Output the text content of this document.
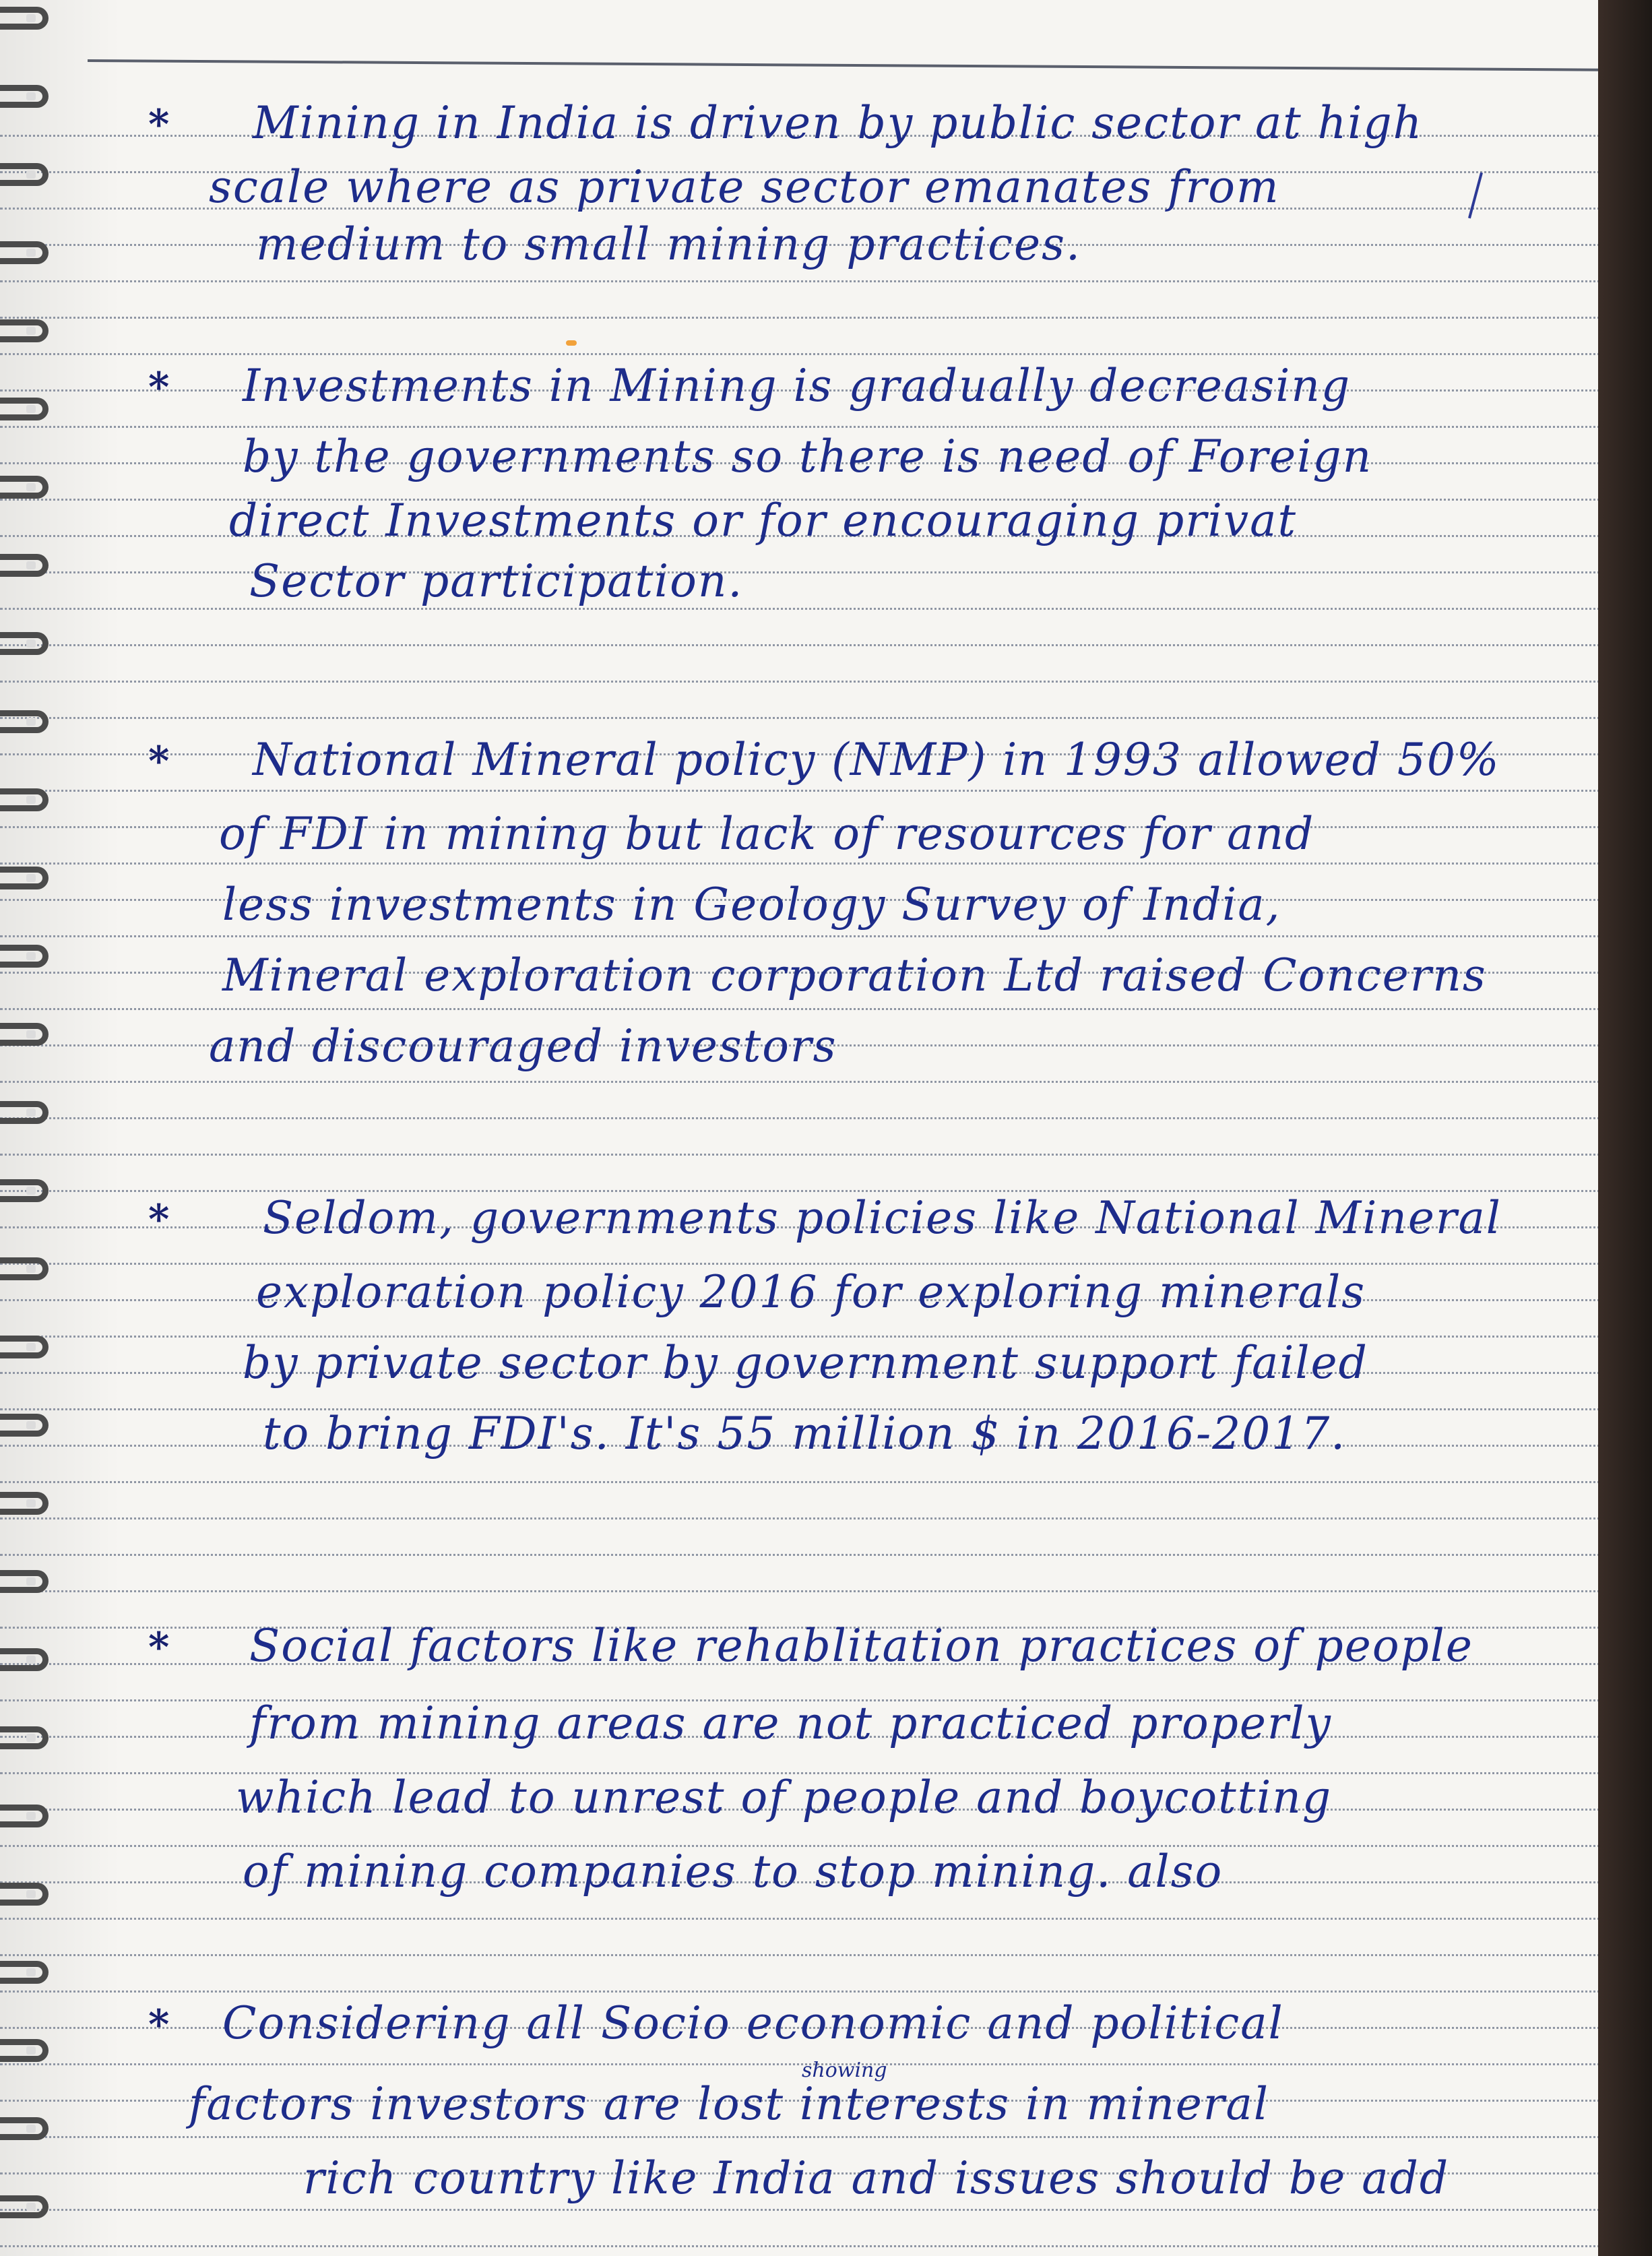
* Mining in India is driven by public sector at high
scale where as private sector emanates from
medium to small mining practices.
* Investments in Mining is gradually decreasing
by the governments so there is need of Foreign
direct Investments or for encouraging privat
Sector participation.
* National Mineral policy (NMP) in 1993 allowed 50%
of FDI in mining but lack of resources for and
less investments in Geology Survey of India,
Mineral exploration corporation Ltd raised Concerns
and discouraged investors
* Seldom, governments policies like National Mineral
exploration policy 2016 for exploring minerals
by private sector by government support failed
to bring FDI's. It's 55 million $ in 2016-2017.
* Social factors like rehablitation practices of people
from mining areas are not practiced properly
which lead to unrest of people and boycotting
of mining companies to stop mining. also
* Considering all Socio economic and political
showing
factors investors are lost interests in mineral
rich country like India and issues should be add
